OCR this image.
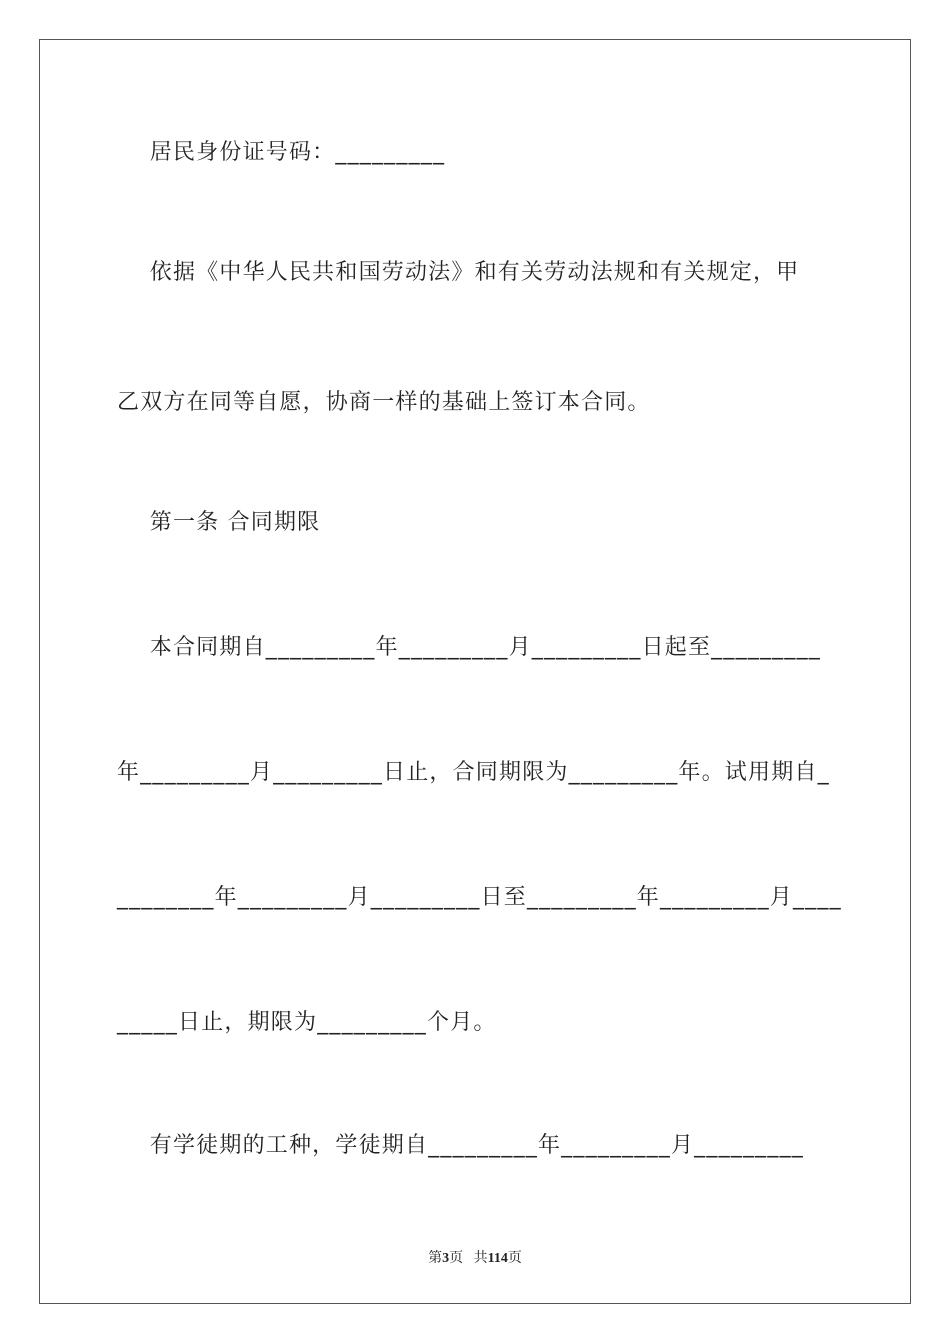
居民身份证号码：_________
依据《中华人民共和国劳动法》和有关劳动法规和有关规定，甲
乙双方在同等自愿，协商一样的基础上签订本合同。
第一条 合同期限
本合同期自_________年_________月_________日起至_________
年_________月_________日止，合同期限为_________年。试用期自_
________年_________月_________日至_________年_________月____
_____日止，期限为_________个月。
有学徒期的工种，学徒期自_________年_________月_________
第3页 共114页
